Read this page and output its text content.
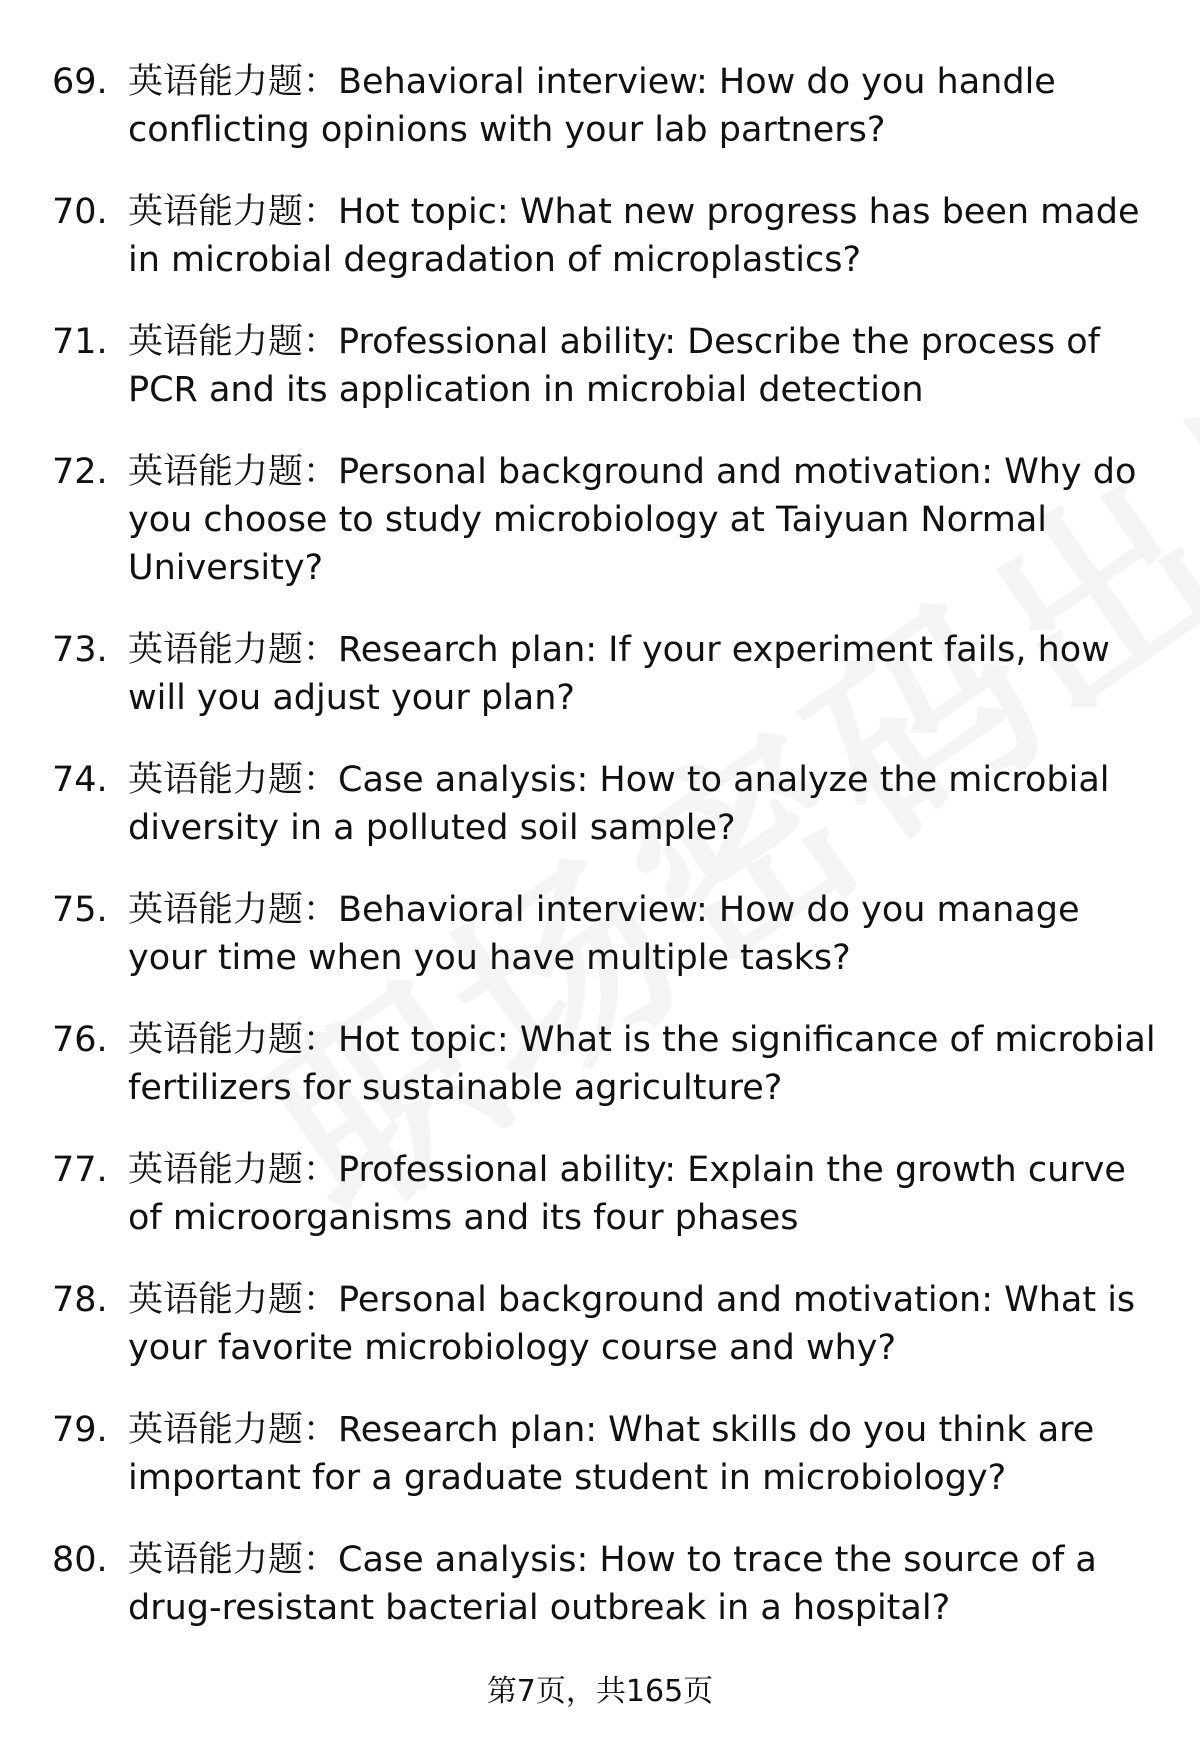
69. 英语能力题：Behavioral interview: How do you handle conflicting opinions with your lab partners?
70. 英语能力题：Hot topic: What new progress has been made in microbial degradation of microplastics?
71. 英语能力题：Professional ability: Describe the process of PCR and its application in microbial detection
72. 英语能力题：Personal background and motivation: Why do you choose to study microbiology at Taiyuan Normal University?
73. 英语能力题：Research plan: If your experiment fails, how will you adjust your plan?
74. 英语能力题：Case analysis: How to analyze the microbial diversity in a polluted soil sample?
75. 英语能力题：Behavioral interview: How do you manage your time when you have multiple tasks?
76. 英语能力题：Hot topic: What is the significance of microbial fertilizers for sustainable agriculture?
77. 英语能力题：Professional ability: Explain the growth curve of microorganisms and its four phases
78. 英语能力题：Personal background and motivation: What is your favorite microbiology course and why?
79. 英语能力题：Research plan: What skills do you think are important for a graduate student in microbiology?
80. 英语能力题：Case analysis: How to trace the source of a drug-resistant bacterial outbreak in a hospital?
第7页，共165页
